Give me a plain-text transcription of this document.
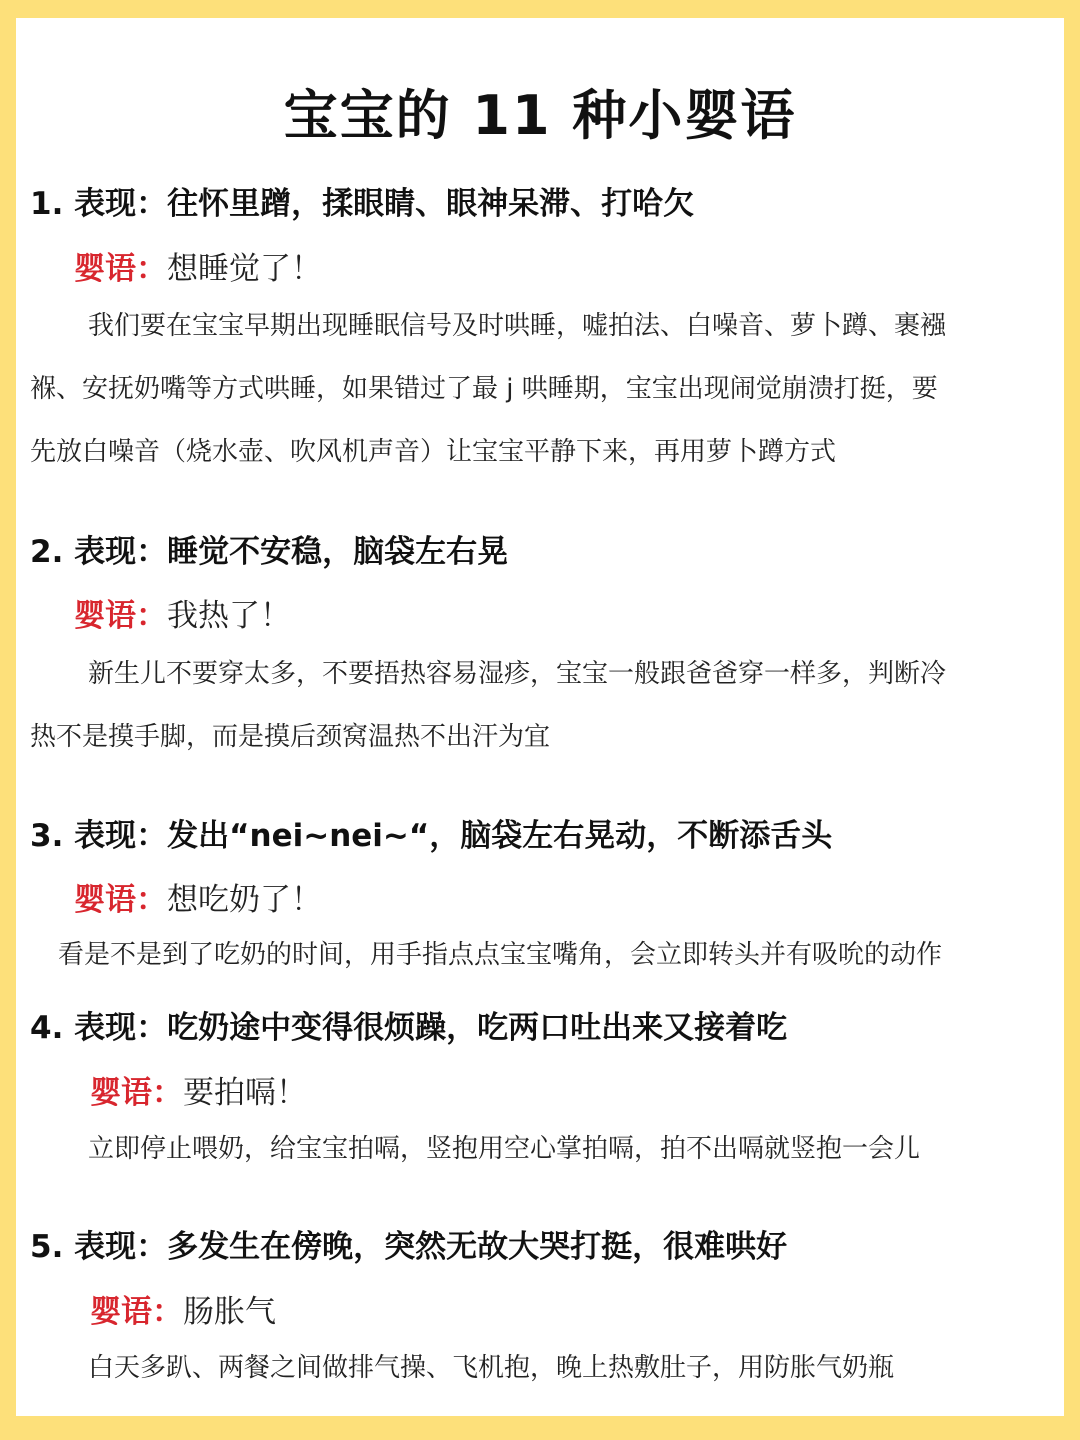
宝宝的 11 种小婴语
1. 表现：往怀里蹭，揉眼睛、眼神呆滞、打哈欠
婴语：想睡觉了！
我们要在宝宝早期出现睡眠信号及时哄睡，嘘拍法、白噪音、萝卜蹲、裹襁
褓、安抚奶嘴等方式哄睡，如果错过了最 j 哄睡期，宝宝出现闹觉崩溃打挺，要
先放白噪音（烧水壶、吹风机声音）让宝宝平静下来，再用萝卜蹲方式
2. 表现：睡觉不安稳，脑袋左右晃
婴语：我热了！
新生儿不要穿太多，不要捂热容易湿疹，宝宝一般跟爸爸穿一样多，判断冷
热不是摸手脚，而是摸后颈窝温热不出汗为宜
3. 表现：发出“nei~nei~“，脑袋左右晃动，不断添舌头
婴语：想吃奶了！
看是不是到了吃奶的时间，用手指点点宝宝嘴角，会立即转头并有吸吮的动作
4. 表现：吃奶途中变得很烦躁，吃两口吐出来又接着吃
婴语：要拍嗝！
立即停止喂奶，给宝宝拍嗝，竖抱用空心掌拍嗝，拍不出嗝就竖抱一会儿
5. 表现：多发生在傍晚，突然无故大哭打挺，很难哄好
婴语：肠胀气
白天多趴、两餐之间做排气操、飞机抱，晚上热敷肚子，用防胀气奶瓶
